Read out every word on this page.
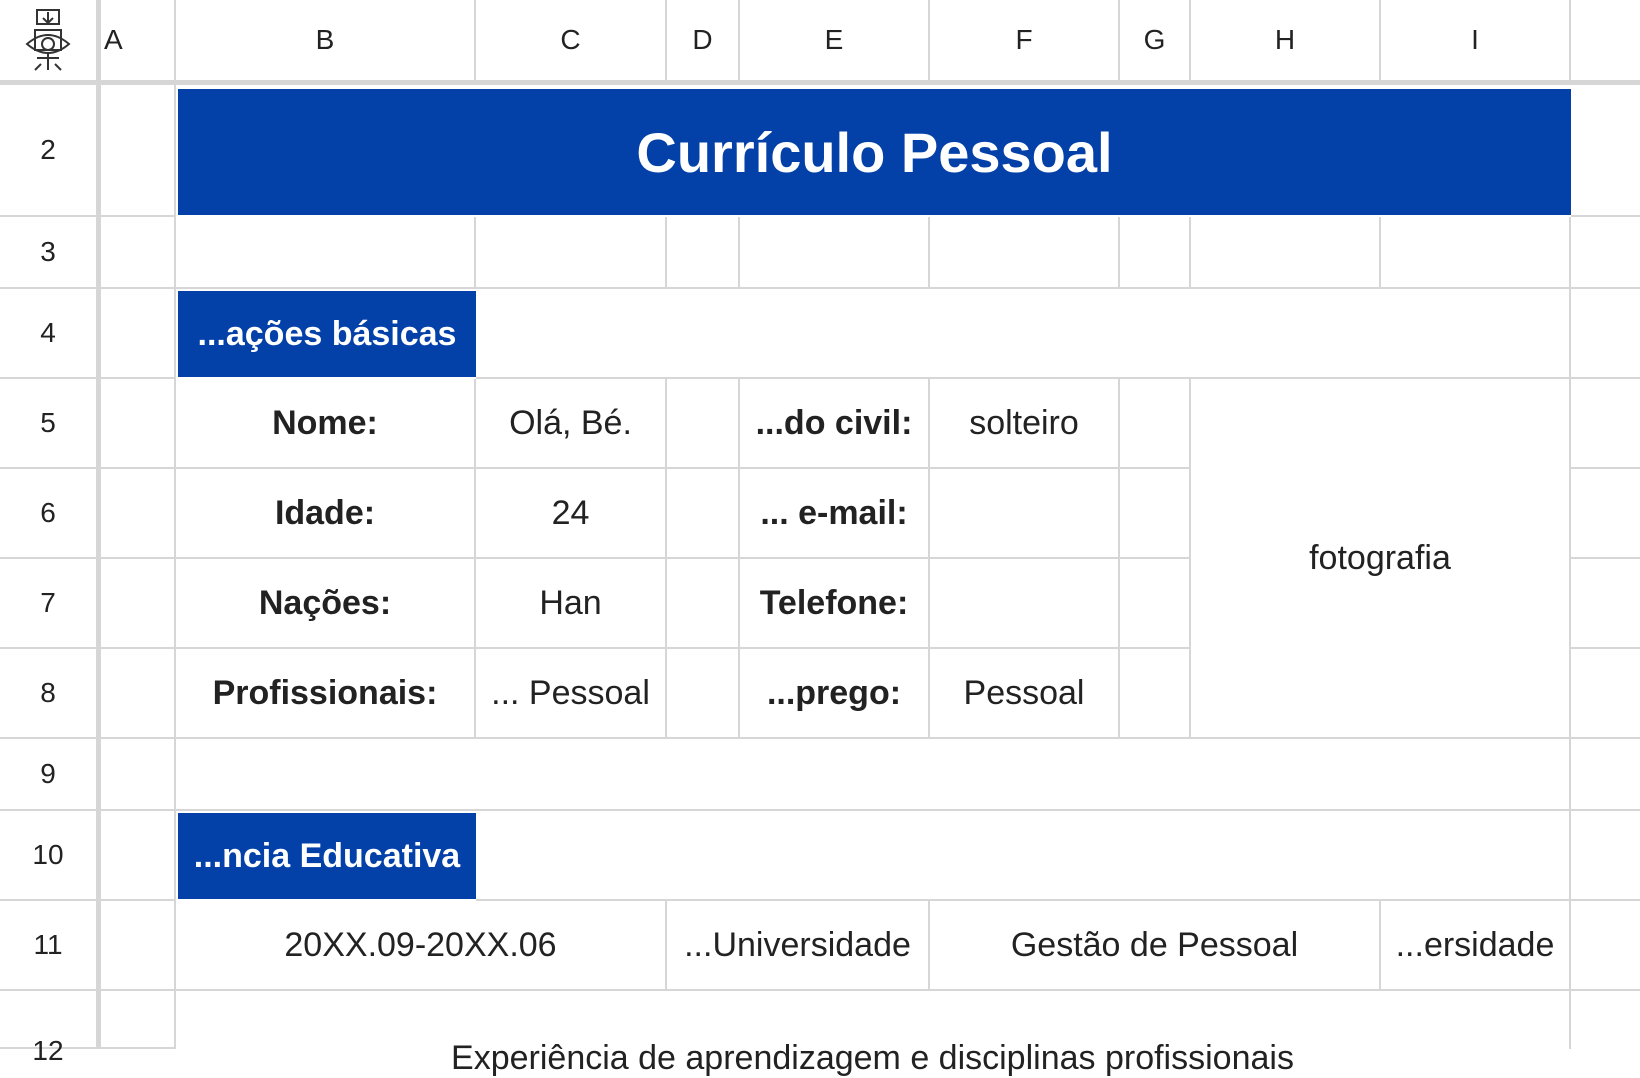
A	B	C	D	E	F	G	H	I
2
3
4
5
6
7
8
9
10
11
12
Currículo Pessoal
...ações básicas
Nome:	Olá, Bé.	...do civil:	solteiro
Idade:	24	... e-mail:
Nações:	Han	Telefone:
Profissionais:	... Pessoal	...prego:	Pessoal
fotografia
...ncia Educativa
20XX.09-20XX.06	...Universidade	Gestão de Pessoal	...ersidade
Experiência de aprendizagem e disciplinas profissionais
